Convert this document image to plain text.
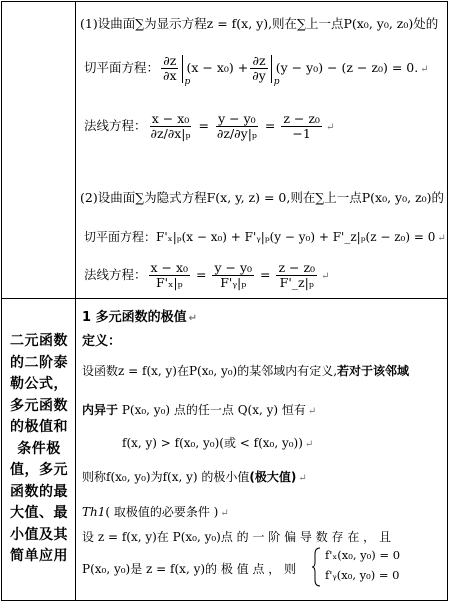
(1)设曲面∑为显示方程z = f(x, y),则在∑上一点P(x₀, y₀, z₀)处的
切平面方程： $\frac{\partial z}{\partial x}$ p
$(x - x_0) + \frac{\partial z}{\partial y}$ p
(y − y₀) − (z − z₀) = 0. ↵
法线方程： $\frac{\text{x − x₀}}{\text{∂z/∂x|ₚ}} = \frac{\text{y − y₀}}{\text{∂z/∂y|ₚ}} = \frac{\text{z − z₀}}{-1}$ ↵
(2)设曲面∑为隐式方程F(x, y, z) = 0,则在∑上一点P(x₀, y₀, z₀)的
切平面方程：F'ₓ|ₚ(x − x₀) + F'ᵧ|ₚ(y − y₀) + F'_z|ₚ(z − z₀) = 0 ↵
法线方程： $\frac{\text{x − x₀}}{\text{F'ₓ|ₚ}} = \frac{\text{y − y₀}}{\text{F'ᵧ|ₚ}} = \frac{\text{z − z₀}}{\text{F'\_z|ₚ}}$ ↵
二元函数的二阶泰勒公式，多元函数的极值和条件极值，多元函数的最大值、最小值及其简单应用
1 多元函数的极值 ↵
定义：
设函数z = f(x, y)在P(x₀, y₀)的某邻域内有定义,若对于该邻域
内异于 P(x₀, y₀) 点的任一点 Q(x, y) 恒有 ↵
f(x, y) > f(x₀, y₀)(或 < f(x₀, y₀)) ↵
则称f(x₀, y₀)为f(x, y) 的极小值(极大值) ↵
Th1( 取极值的必要条件 ) ↵
设 z = f(x, y)在 P(x₀, y₀)点 的 一 阶 偏 导 数 存 在 ， 且
P(x₀, y₀)是 z = f(x, y)的 极 值 点 ， 则
f'ₓ(x₀, y₀) = 0
f'ᵧ(x₀, y₀) = 0
